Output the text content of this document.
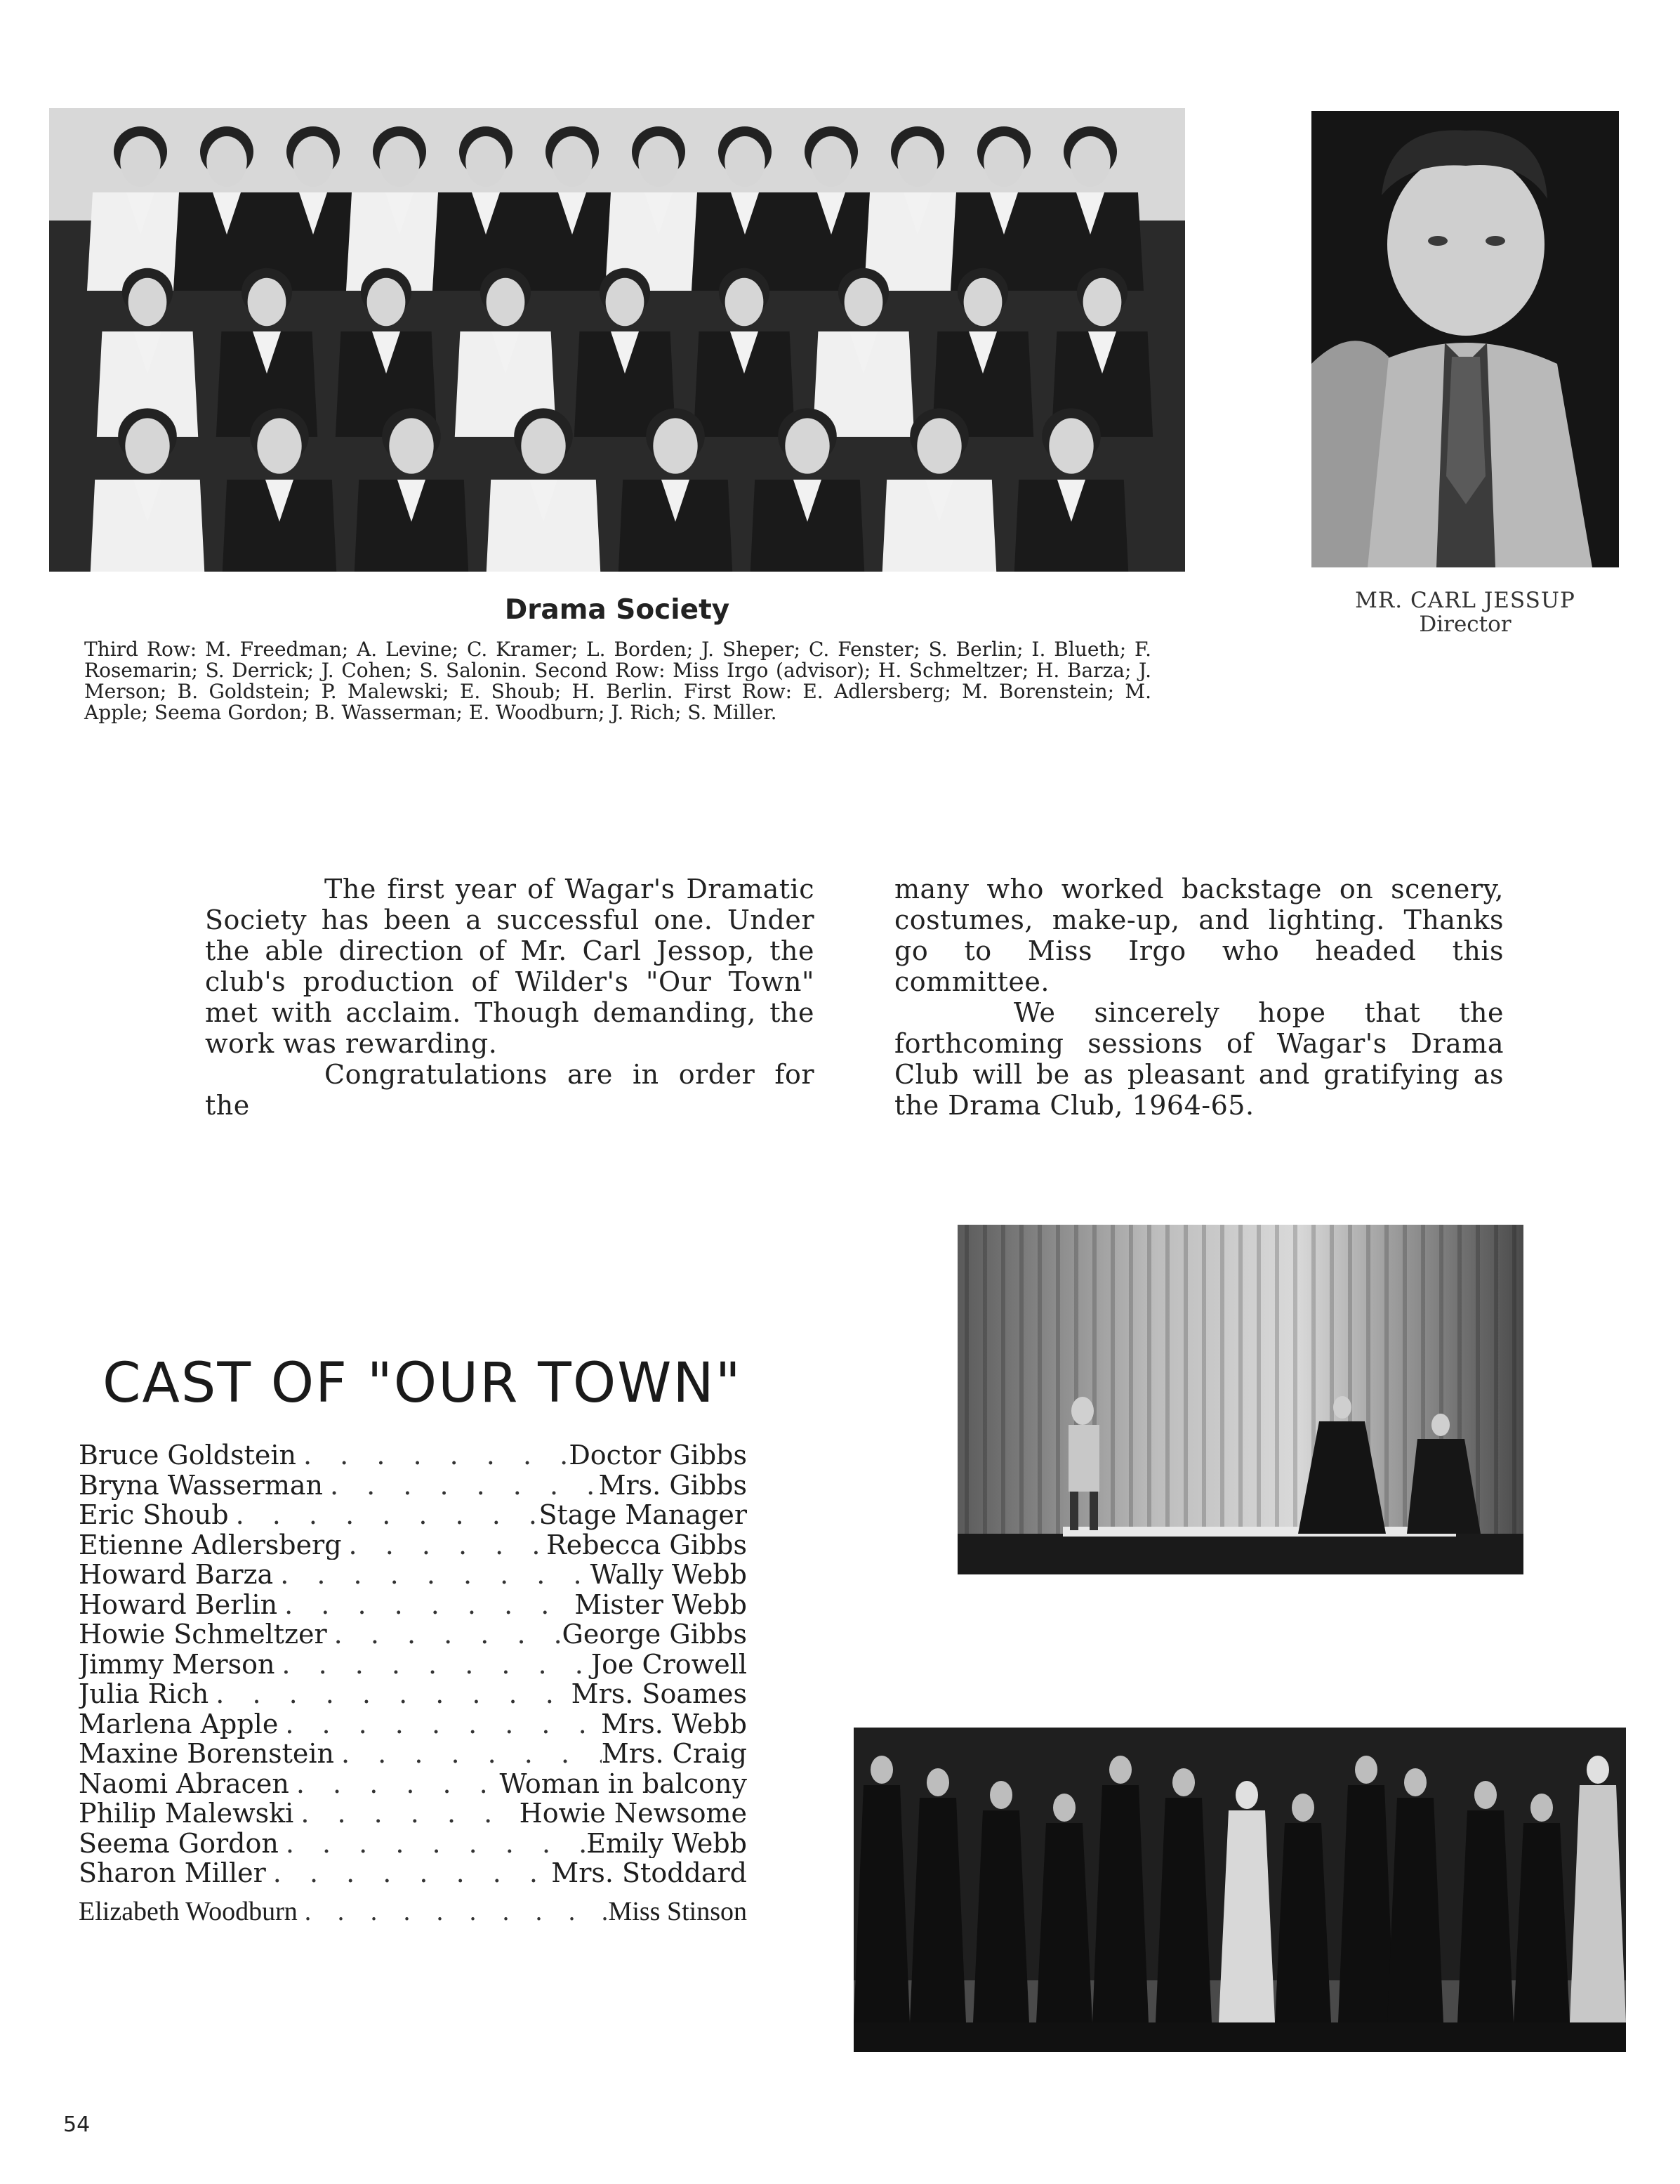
Drama Society

Third Row: M. Freedman; A. Levine; C. Kramer; L. Borden; J. Sheper; C. Fenster; S. Berlin; I. Blueth; F. Rosemarin; S. Derrick; J. Cohen; S. Salonin. Second Row: Miss Irgo (advisor); H. Schmeltzer; H. Barza; J. Merson; B. Goldstein; P. Malewski; E. Shoub; H. Berlin. First Row: E. Adlersberg; M. Borenstein; M. Apple; Seema Gordon; B. Wasserman; E. Woodburn; J. Rich; S. Miller.

MR. CARL JESSUP
Director

The first year of Wagar's Dramatic Society has been a successful one. Under the able direction of Mr. Carl Jessop, the club's production of Wilder's "Our Town" met with acclaim. Though demanding, the work was rewarding.

Congratulations are in order for the

many who worked backstage on scenery, costumes, make-up, and lighting. Thanks go to Miss Irgo who headed this committee.

We sincerely hope that the forthcoming sessions of Wagar's Drama Club will be as pleasant and gratifying as the Drama Club, 1964-65.

CAST OF "OUR TOWN"
Bruce Goldstein . . .	Doctor Gibbs
Bryna Wasserman . . .	Mrs. Gibbs
Eric Shoub . . .	Stage Manager
Etienne Adlersberg . . .	Rebecca Gibbs
Howard Barza . . .	Wally Webb
Howard Berlin . . .	Mister Webb
Howie Schmeltzer . . .	George Gibbs
Jimmy Merson . . .	Joe Crowell
Julia Rich . . .	Mrs. Soames
Marlena Apple . . .	Mrs. Webb
Maxine Borenstein . . .	Mrs. Craig
Naomi Abracen . . .	Woman in balcony
Philip Malewski . . .	Howie Newsome
Seema Gordon . . .	Emily Webb
Sharon Miller . . .	Mrs. Stoddard
Elizabeth Woodburn . . .	Miss Stinson
54
